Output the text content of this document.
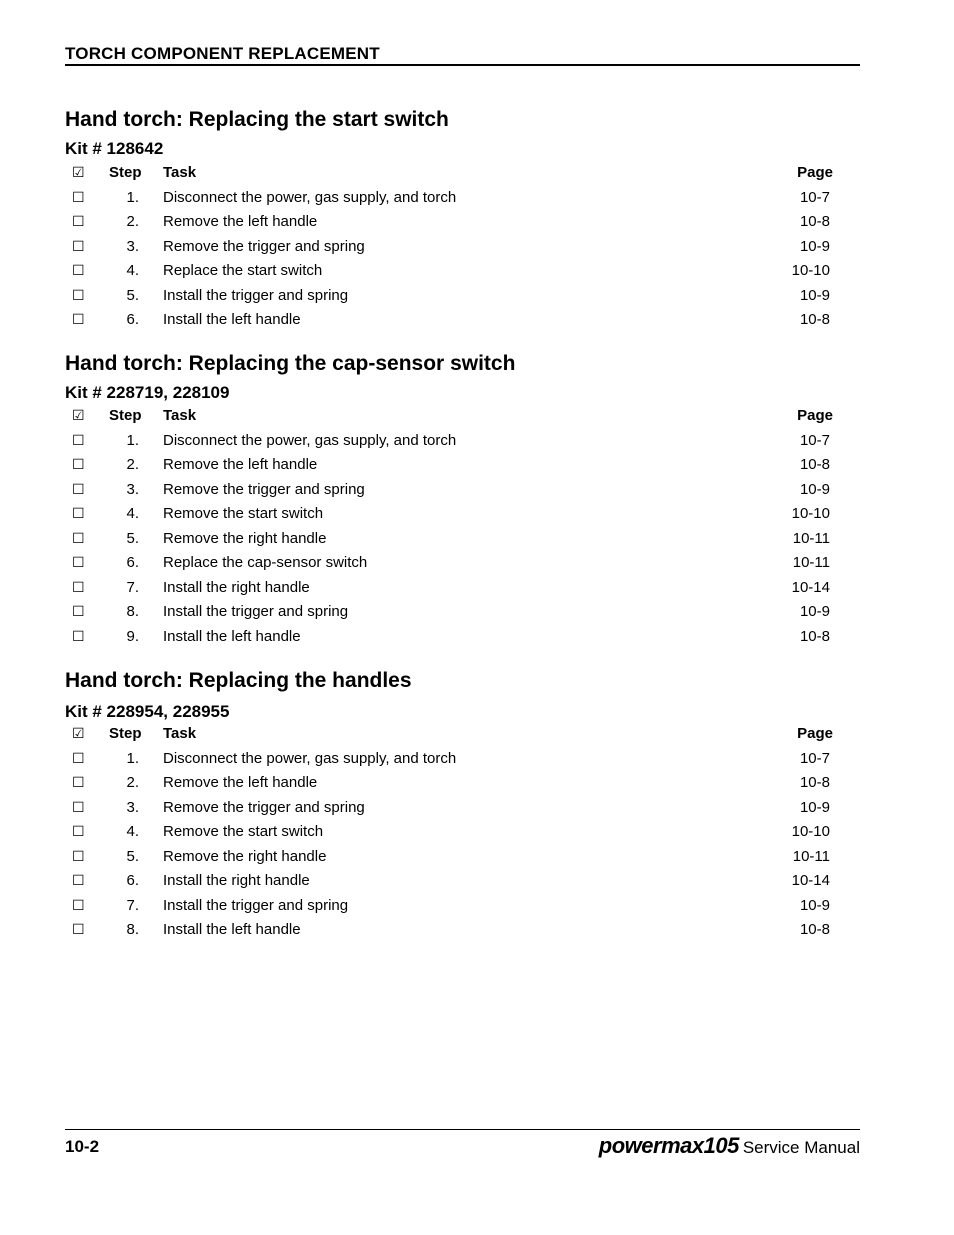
TORCH COMPONENT REPLACEMENT
Hand torch: Replacing the start switch
Kit # 128642
☑ Step Task	Page
☐	1. Disconnect the power, gas supply, and torch	10-7
☐	2. Remove the left handle	10-8
☐	3. Remove the trigger and spring	10-9
☐	4. Replace the start switch	10-10
☐	5. Install the trigger and spring	10-9
☐	6. Install the left handle	10-8
Hand torch: Replacing the cap-sensor switch
Kit # 228719, 228109
☑ Step Task	Page
☐	1. Disconnect the power, gas supply, and torch	10-7
☐	2. Remove the left handle	10-8
☐	3. Remove the trigger and spring	10-9
☐	4. Remove the start switch	10-10
☐	5. Remove the right handle	10-11
☐	6. Replace the cap-sensor switch	10-11
☐	7. Install the right handle	10-14
☐	8. Install the trigger and spring	10-9
☐	9. Install the left handle	10-8
Hand torch: Replacing the handles
Kit # 228954, 228955
☑ Step Task	Page
☐	1. Disconnect the power, gas supply, and torch	10-7
☐	2. Remove the left handle	10-8
☐	3. Remove the trigger and spring	10-9
☐	4. Remove the start switch	10-10
☐	5. Remove the right handle	10-11
☐	6. Install the right handle	10-14
☐	7. Install the trigger and spring	10-9
☐	8. Install the left handle	10-8
10-2	powermax105 Service Manual
